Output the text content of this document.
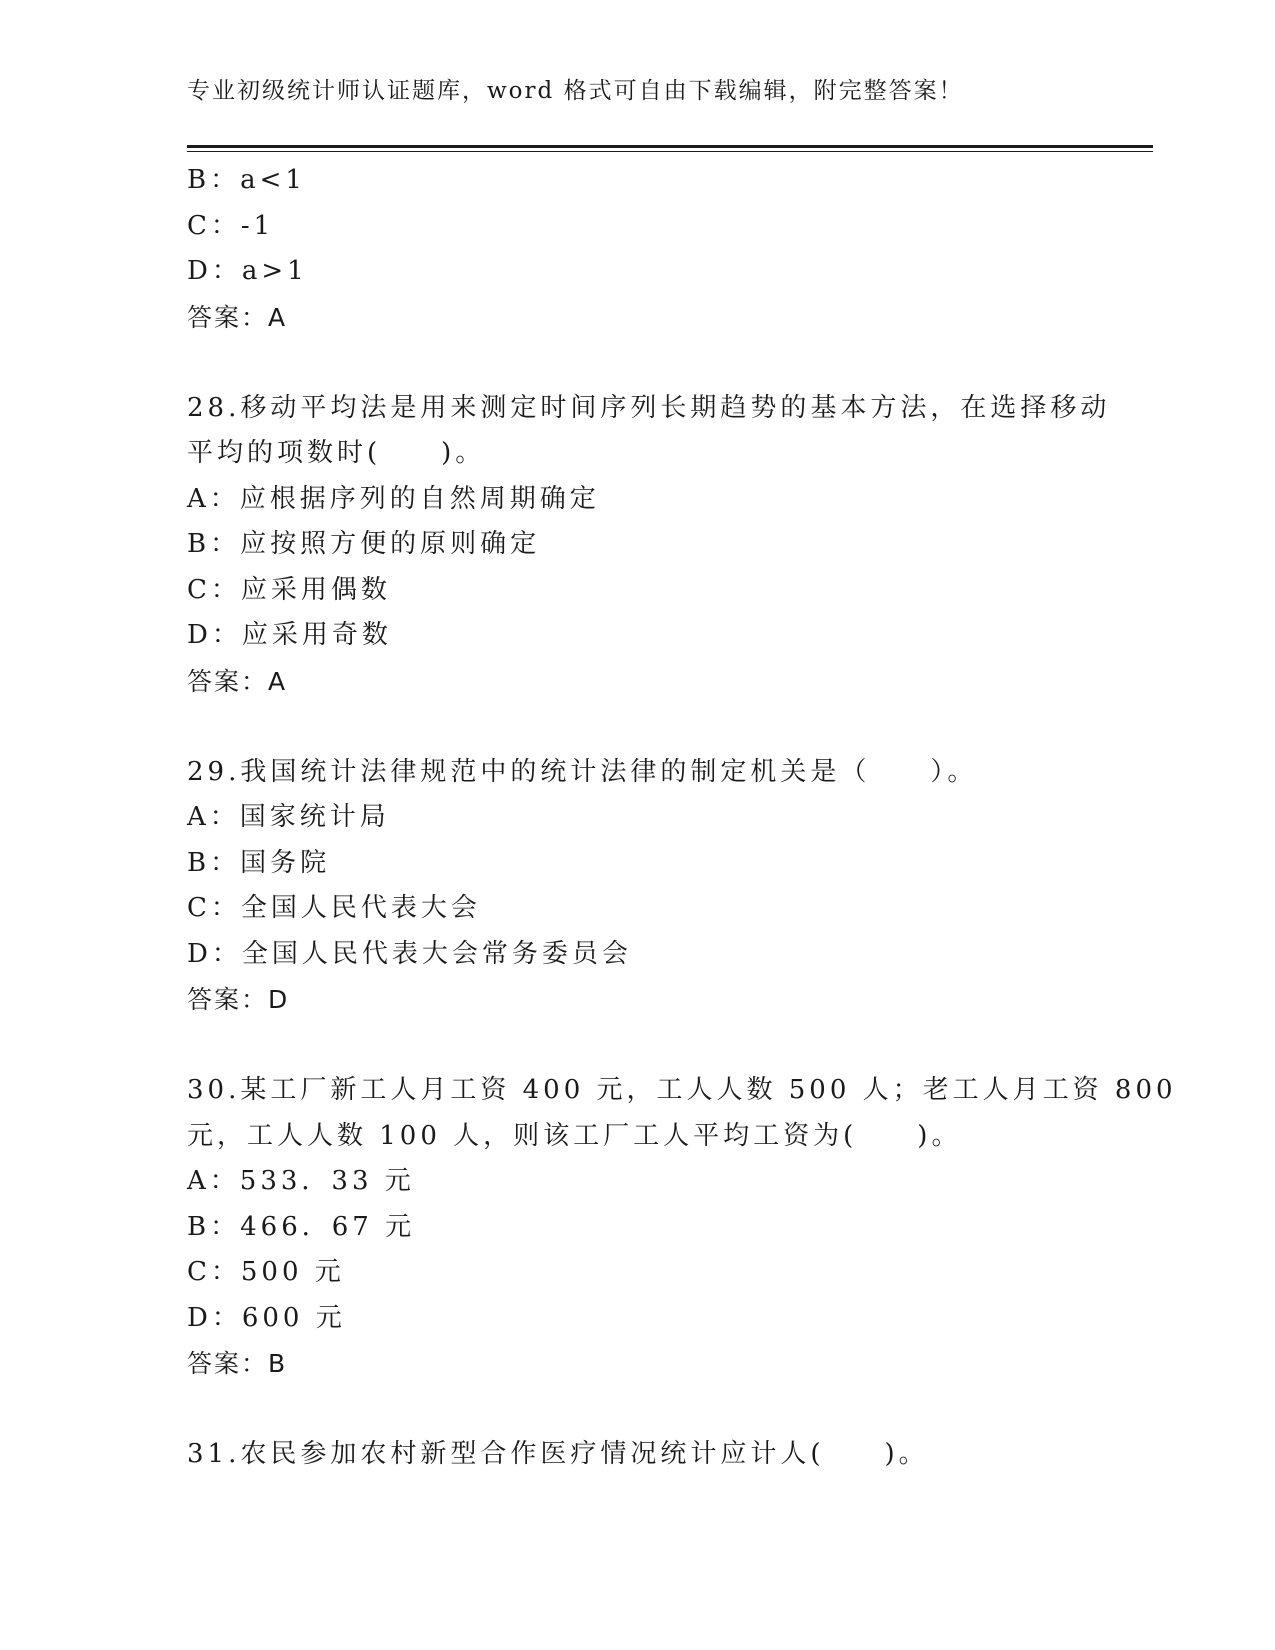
专业初级统计师认证题库，word 格式可自由下载编辑，附完整答案！
B：a<1
C：-1
D：a>1
答案：A
28.移动平均法是用来测定时间序列长期趋势的基本方法，在选择移动
平均的项数时(　　)。
A：应根据序列的自然周期确定
B：应按照方便的原则确定
C：应采用偶数
D：应采用奇数
答案：A
29.我国统计法律规范中的统计法律的制定机关是（　　）。
A：国家统计局
B：国务院
C：全国人民代表大会
D：全国人民代表大会常务委员会
答案：D
30.某工厂新工人月工资 400 元，工人人数 500 人；老工人月工资 800
元，工人人数 100 人，则该工厂工人平均工资为(　　)。
A：533．33 元
B：466．67 元
C：500 元
D：600 元
答案：B
31.农民参加农村新型合作医疗情况统计应计人(　　)。
